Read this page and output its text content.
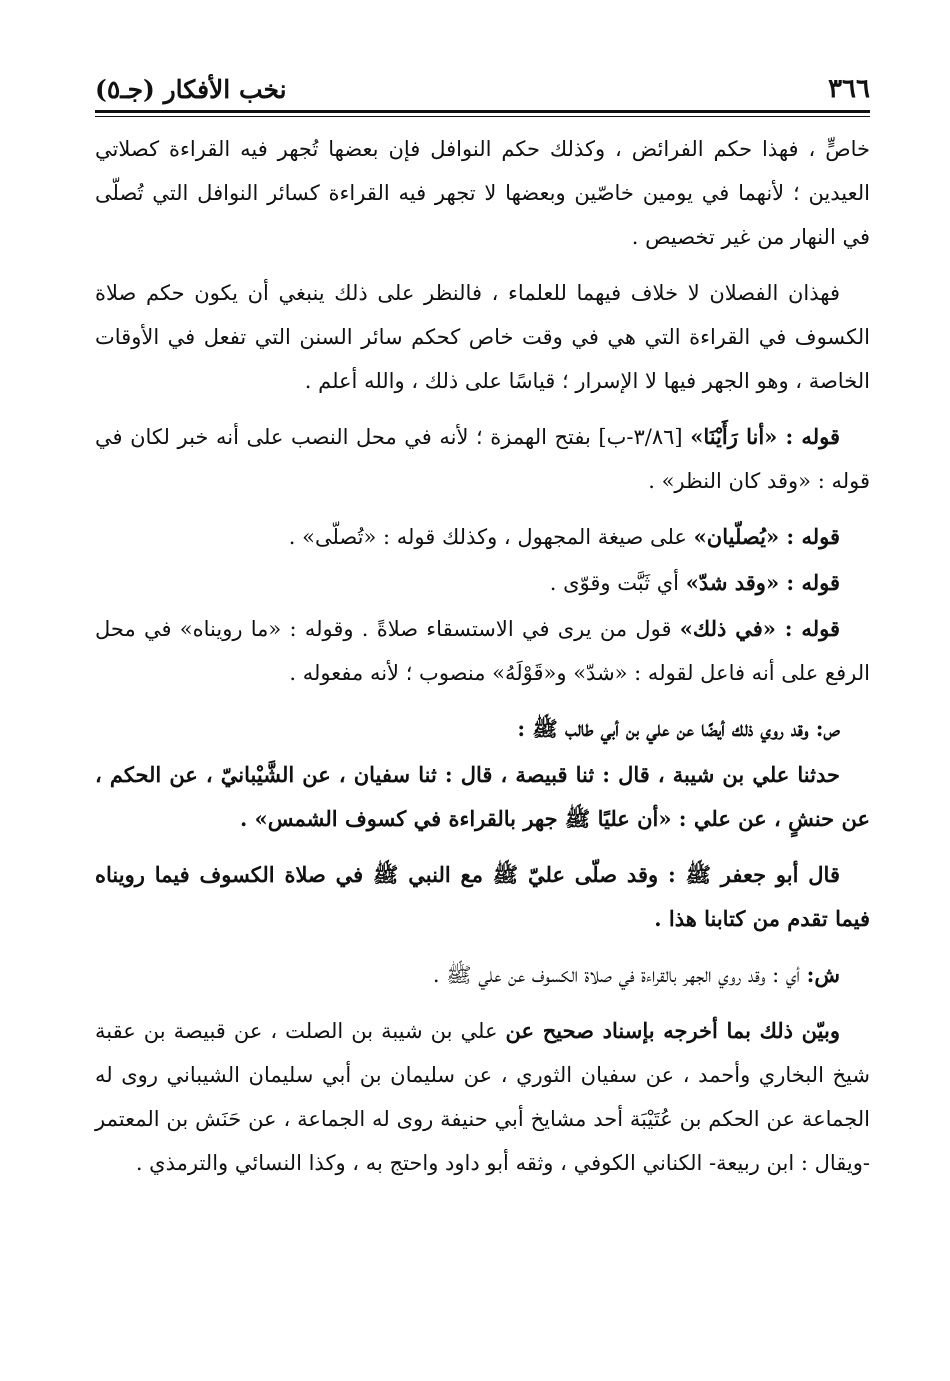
٣٦٦
نخب الأفكار (جـ٥)

خاصٍّ ، فهذا حكم الفرائض ، وكذلك حكم النوافل فإن بعضها تُجهر فيه القراءة كصلاتي العيدين ؛ لأنهما في يومين خاصّين وبعضها لا تجهر فيه القراءة كسائر النوافل التي تُصلّى في النهار من غير تخصيص .

فهذان الفصلان لا خلاف فيهما للعلماء ، فالنظر على ذلك ينبغي أن يكون حكم صلاة الكسوف في القراءة التي هي في وقت خاص كحكم سائر السنن التي تفعل في الأوقات الخاصة ، وهو الجهر فيها لا الإسرار ؛ قياسًا على ذلك ، والله أعلم .

قوله : «أنا رَأَيْنَا» [٣/٨٦-ب] بفتح الهمزة ؛ لأنه في محل النصب على أنه خبر لكان في قوله : «وقد كان النظر» .

قوله : «يُصلّيان» على صيغة المجهول ، وكذلك قوله : «تُصلّى» .

قوله : «وقد شدّ» أي ثَبَّت وقوّى .

قوله : «في ذلك» قول من يرى في الاستسقاء صلاةً . وقوله : «ما رويناه» في محل الرفع على أنه فاعل لقوله : «شدّ» و«قَوْلَهُ» منصوب ؛ لأنه مفعوله .

ص: وقد روي ذلك أيضًا عن علي بن أبي طالب ﷺ :

حدثنا علي بن شيبة ، قال : ثنا قبيصة ، قال : ثنا سفيان ، عن الشَّيْبانيّ ، عن الحكم ، عن حنشٍ ، عن علي : «أن عليًا ﷺ جهر بالقراءة في كسوف الشمس» .

قال أبو جعفر ﷺ : وقد صلّى عليّ ﷺ مع النبي ﷺ في صلاة الكسوف فيما رويناه فيما تقدم من كتابنا هذا .

ش: أي : وقد روي الجهر بالقراءة في صلاة الكسوف عن علي ﷺ .

وبيّن ذلك بما أخرجه بإسناد صحيح عن علي بن شيبة بن الصلت ، عن قبيصة بن عقبة شيخ البخاري وأحمد ، عن سفيان الثوري ، عن سليمان بن أبي سليمان الشيباني روى له الجماعة عن الحكم بن عُتَيْبَة أحد مشايخ أبي حنيفة روى له الجماعة ، عن حَنَش بن المعتمر -ويقال : ابن ربيعة- الكناني الكوفي ، وثقه أبو داود واحتج به ، وكذا النسائي والترمذي .
